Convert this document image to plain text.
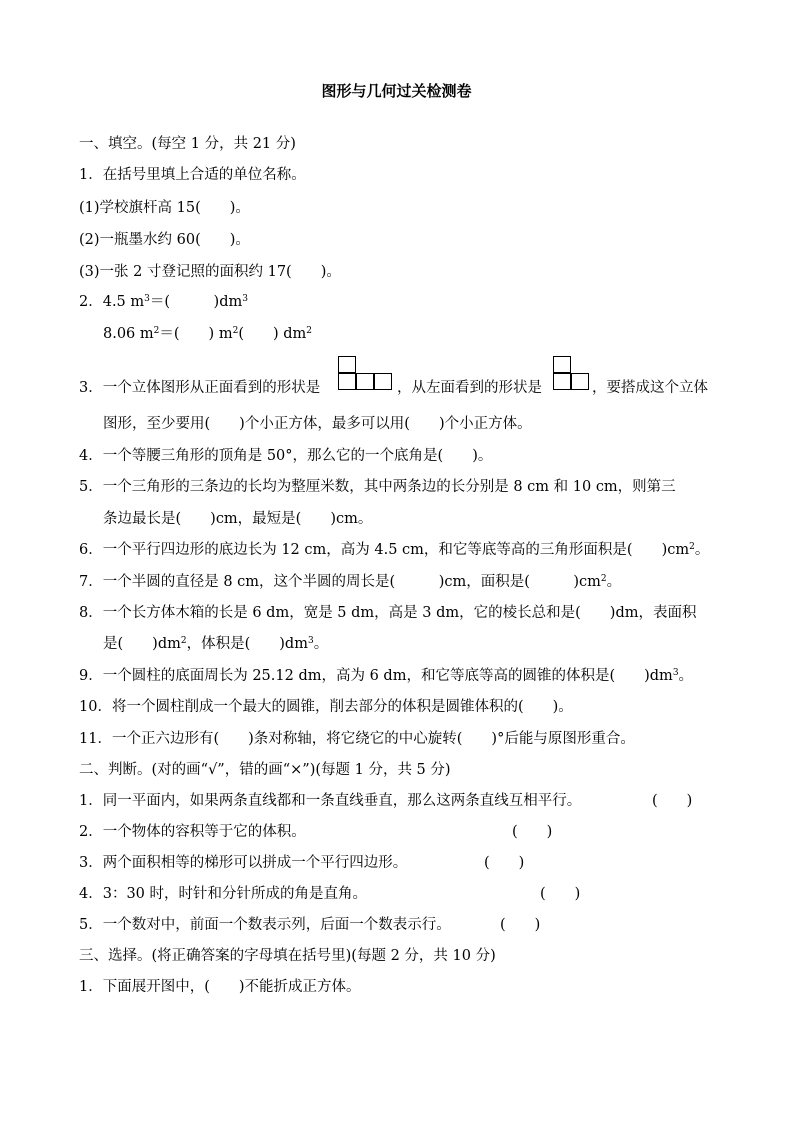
图形与几何过关检测卷
一、填空。(每空 1 分，共 21 分)
1．在括号里填上合适的单位名称。
(1)学校旗杆高 15(　　)。
(2)一瓶墨水约 60(　　)。
(3)一张 2 寸登记照的面积约 17(　　)。
2．4.5 $m^3=$(　　　)$dm^3$
8.06 $m^2=$(　　) $m^2$(　　) $dm^2$
3．一个立体图形从正面看到的形状是	，从左面看到的形状是	，要搭成这个立体
图形，至少要用(　　)个小正方体，最多可以用(　　)个小正方体。
4．一个等腰三角形的顶角是 50°，那么它的一个底角是(　　)。
5．一个三角形的三条边的长均为整厘米数，其中两条边的长分别是 8 cm 和 10 cm，则第三
条边最长是(　　)cm，最短是(　　)cm。
6．一个平行四边形的底边长为 12 cm，高为 4.5 cm，和它等底等高的三角形面积是(　　)$cm^2$。
7．一个半圆的直径是 8 cm，这个半圆的周长是(　　　)cm，面积是(　　　)$cm^2$。
8．一个长方体木箱的长是 6 dm，宽是 5 dm，高是 3 dm，它的棱长总和是(　　)dm，表面积
是(　　)$dm^2$，体积是(　　)$dm^3$。
9．一个圆柱的底面周长为 25.12 dm，高为 6 dm，和它等底等高的圆锥的体积是(　　)$dm^3$。
10．将一个圆柱削成一个最大的圆锥，削去部分的体积是圆锥体积的(　　)。
11．一个正六边形有(　　)条对称轴，将它绕它的中心旋转(　　)°后能与原图形重合。
二、判断。(对的画“√”，错的画“×”)(每题 1 分，共 5 分)
1．同一平面内，如果两条直线都和一条直线垂直，那么这两条直线互相平行。	(　　)
2．一个物体的容积等于它的体积。	(　　)
3．两个面积相等的梯形可以拼成一个平行四边形。	(　　)
4．3：30 时，时针和分针所成的角是直角。	(　　)
5．一个数对中，前面一个数表示列，后面一个数表示行。	(　　)
三、选择。(将正确答案的字母填在括号里)(每题 2 分，共 10 分)
1．下面展开图中，(　　)不能折成正方体。
